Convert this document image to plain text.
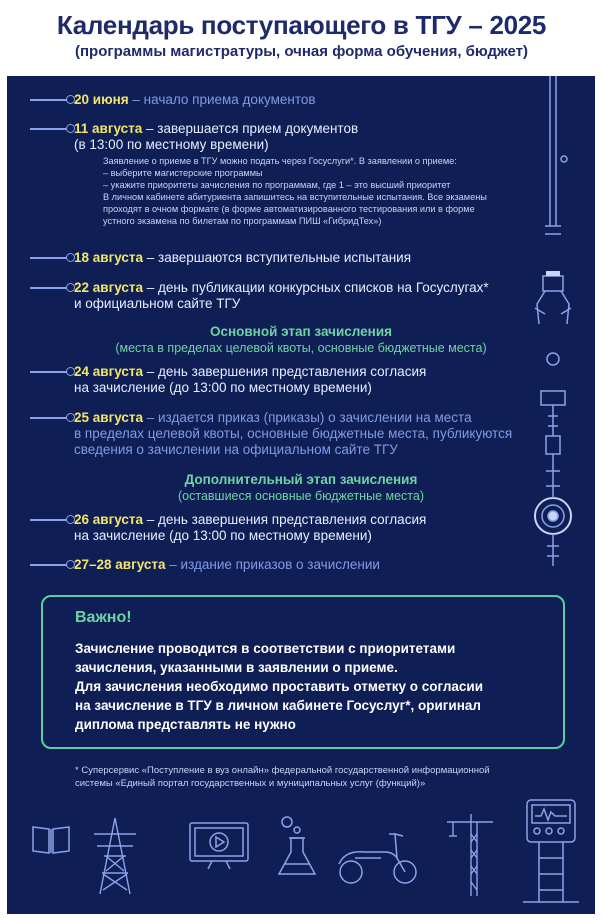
Календарь поступающего в ТГУ – 2025
(программы магистратуры, очная форма обучения, бюджет)
20 июня – начало приема документов
11 августа – завершается прием документов
(в 13:00 по местному времени)
Заявление о приеме в ТГУ можно подать через Госуслуги*. В заявлении о приеме:
– выберите магистерские программы
– укажите приоритеты зачисления по программам, где 1 – это высший приоритет
В личном кабинете абитуриента запишитесь на вступительные испытания. Все экзамены
проходят в очном формате (в форме автоматизированного тестирования или в форме
устного экзамена по билетам по программам ПИШ «ГибридТех»)
18 августа – завершаются вступительные испытания
22 августа – день публикации конкурсных списков на Госуслугах*
и официальном сайте ТГУ
Основной этап зачисления
(места в пределах целевой квоты, основные бюджетные места)
24 августа – день завершения представления согласия
на зачисление (до 13:00 по местному времени)
25 августа – издается приказ (приказы) о зачислении на места
в пределах целевой квоты, основные бюджетные места, публикуются
сведения о зачислении на официальном сайте ТГУ
Дополнительный этап зачисления
(оставшиеся основные бюджетные места)
26 августа – день завершения представления согласия
на зачисление (до 13:00 по местному времени)
27–28 августа – издание приказов о зачислении
Важно!
Зачисление проводится в соответствии с приоритетами
зачисления, указанными в заявлении о приеме.
Для зачисления необходимо проставить отметку о согласии
на зачисление в ТГУ в личном кабинете Госуслуг*, оригинал
диплома представлять не нужно
* Суперсервис «Поступление в вуз онлайн» федеральной государственной информационной
системы «Единый портал государственных и муниципальных услуг (функций)»
